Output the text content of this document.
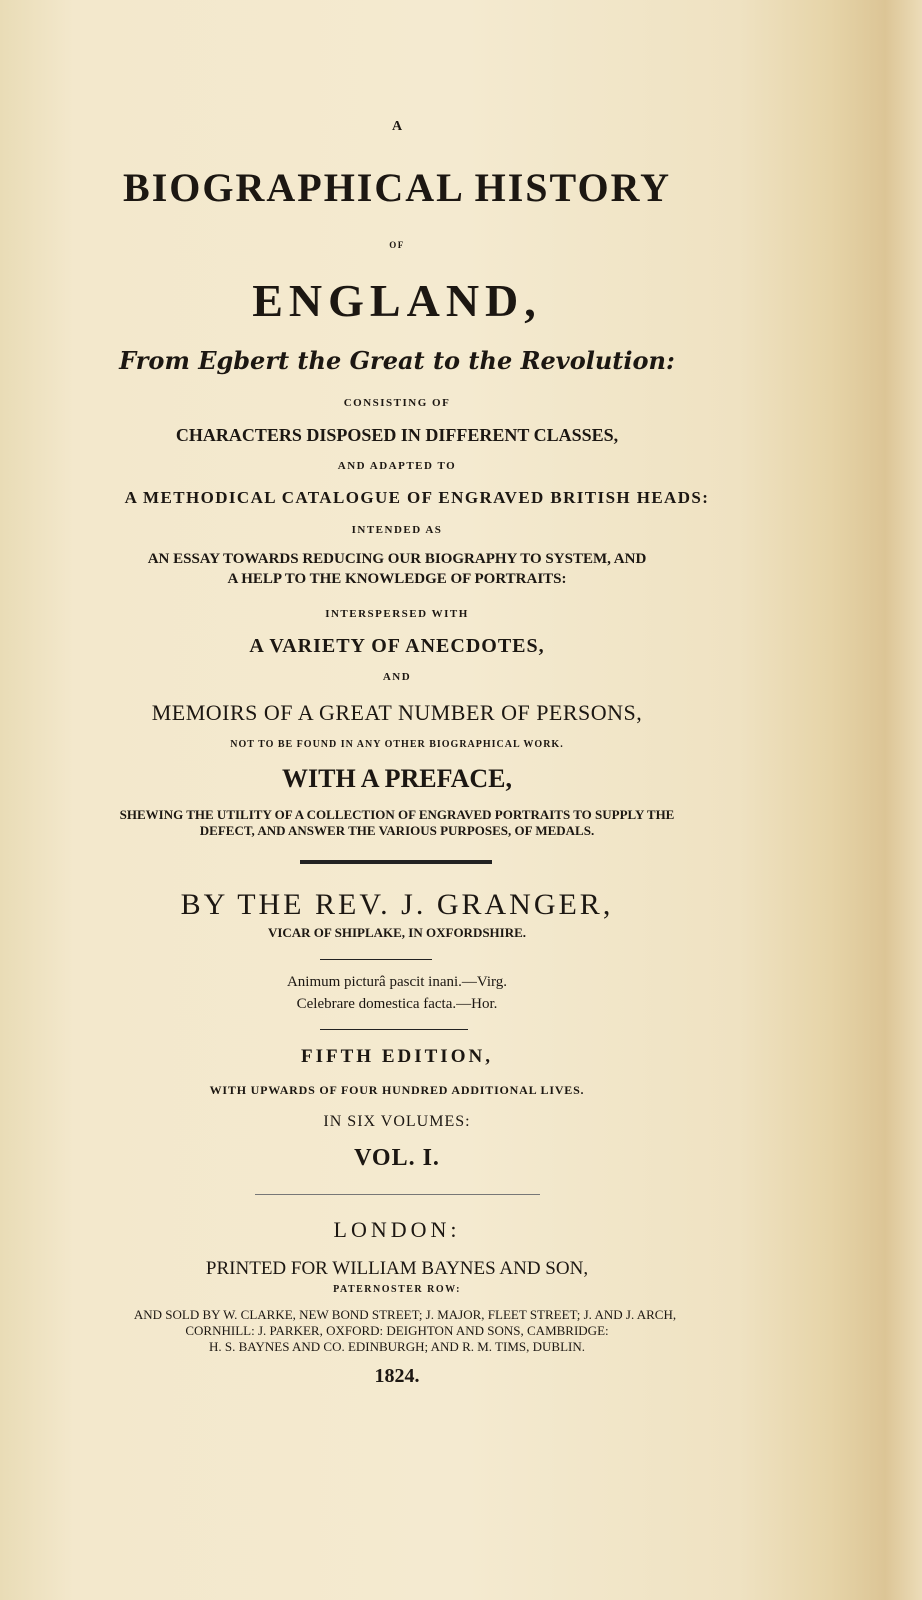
A
BIOGRAPHICAL HISTORY
OF
ENGLAND,
From Egbert the Great to the Revolution:
CONSISTING OF
CHARACTERS DISPOSED IN DIFFERENT CLASSES,
AND ADAPTED TO
A METHODICAL CATALOGUE OF ENGRAVED BRITISH HEADS:
INTENDED AS
AN ESSAY TOWARDS REDUCING OUR BIOGRAPHY TO SYSTEM, AND
A HELP TO THE KNOWLEDGE OF PORTRAITS:
INTERSPERSED WITH
A VARIETY OF ANECDOTES,
AND
MEMOIRS OF A GREAT NUMBER OF PERSONS,
NOT TO BE FOUND IN ANY OTHER BIOGRAPHICAL WORK.
WITH A PREFACE,
SHEWING THE UTILITY OF A COLLECTION OF ENGRAVED PORTRAITS TO SUPPLY THE
DEFECT, AND ANSWER THE VARIOUS PURPOSES, OF MEDALS.
BY THE REV. J. GRANGER,
VICAR OF SHIPLAKE, IN OXFORDSHIRE.
Animum picturâ pascit inani.—Virg.
Celebrare domestica facta.—Hor.
FIFTH EDITION,
WITH UPWARDS OF FOUR HUNDRED ADDITIONAL LIVES.
IN SIX VOLUMES:
VOL. I.
LONDON:
PRINTED FOR WILLIAM BAYNES AND SON,
PATERNOSTER ROW:
AND SOLD BY W. CLARKE, NEW BOND STREET; J. MAJOR, FLEET STREET; J. AND J. ARCH,
CORNHILL: J. PARKER, OXFORD: DEIGHTON AND SONS, CAMBRIDGE:
H. S. BAYNES AND CO. EDINBURGH; AND R. M. TIMS, DUBLIN.
1824.
